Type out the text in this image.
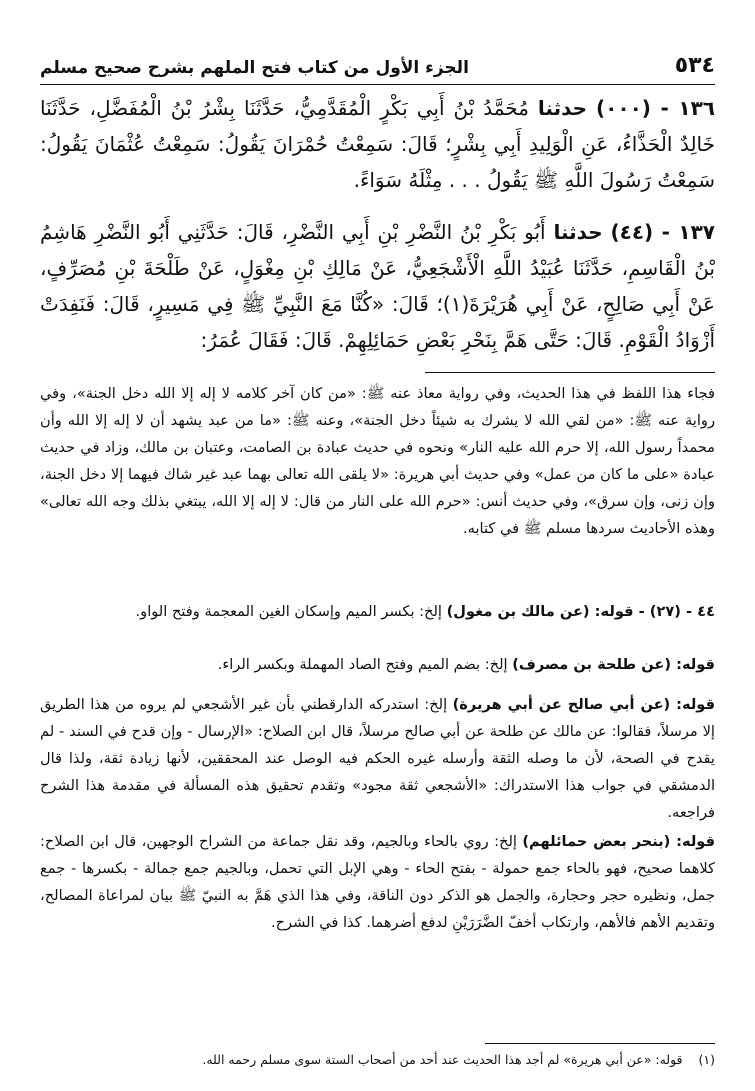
٥٣٤
الجزء الأول من كتاب فتح الملهم بشرح صحيح مسلم
١٣٦ - (٠٠٠) حدثنا مُحَمَّدُ بْنُ أَبِي بَكْرٍ الْمُقَدَّمِيُّ، حَدَّثَنَا بِشْرُ بْنُ الْمُفَضَّلِ، حَدَّثَنَا خَالِدٌ الْحَذَّاءُ، عَنِ الْوَلِيدِ أَبِي بِشْرٍ؛ قَالَ: سَمِعْتُ حُمْرَانَ يَقُولُ: سَمِعْتُ عُثْمَانَ يَقُولُ: سَمِعْتُ رَسُولَ اللَّهِ ﷺ يَقُولُ . . . مِثْلَهُ سَوَاءً.
١٣٧ - (٤٤) حدثنا أَبُو بَكْرِ بْنُ النَّضْرِ بْنِ أَبِي النَّضْرِ، قَالَ: حَدَّثَنِي أَبُو النَّضْرِ هَاشِمُ بْنُ الْقَاسِمِ، حَدَّثَنَا عُبَيْدُ اللَّهِ الْأَشْجَعِيُّ، عَنْ مَالِكِ بْنِ مِغْوَلٍ، عَنْ طَلْحَةَ بْنِ مُصَرِّفٍ، عَنْ أَبِي صَالِحٍ، عَنْ أَبِي هُرَيْرَةَ(١)؛ قَالَ: «كُنَّا مَعَ النَّبِيِّ ﷺ فِي مَسِيرٍ، قَالَ: فَنَفِدَتْ أَزْوَادُ الْقَوْمِ. قَالَ: حَتَّى هَمَّ بِنَحْرِ بَعْضِ حَمَائِلِهِمْ. قَالَ: فَقَالَ عُمَرُ:
فجاء هذا اللفظ في هذا الحديث، وفي رواية معاذ عنه ﷺ: «من كان آخر كلامه لا إله إلا الله دخل الجنة»، وفي رواية عنه ﷺ: «من لقي الله لا يشرك به شيئاً دخل الجنة»، وعنه ﷺ: «ما من عبد يشهد أن لا إله إلا الله وأن محمداً رسول الله، إلا حرم الله عليه النار» ونحوه في حديث عبادة بن الصامت، وعتبان بن مالك، وزاد في حديث عبادة «على ما كان من عمل» وفي حديث أبي هريرة: «لا يلقى الله تعالى بهما عبد غير شاك فيهما إلا دخل الجنة، وإن زنى، وإن سرق»، وفي حديث أنس: «حرم الله على النار من قال: لا إله إلا الله، يبتغي بذلك وجه الله تعالى» وهذه الأحاديث سردها مسلم ﷺ في كتابه.
٤٤ - (٢٧) - قوله: (عن مالك بن مغول) إلخ: بكسر الميم وإسكان الغين المعجمة وفتح الواو.
قوله: (عن طلحة بن مصرف) إلخ: بضم الميم وفتح الصاد المهملة وبكسر الراء.
قوله: (عن أبي صالح عن أبي هريرة) إلخ: استدركه الدارقطني بأن غير الأشجعي لم يروه من هذا الطريق إلا مرسلاً، فقالوا: عن مالك عن طلحة عن أبي صالح مرسلاً، قال ابن الصلاح: «الإرسال - وإن قدح في السند - لم يقدح في الصحة، لأن ما وصله الثقة وأرسله غيره الحكم فيه الوصل عند المحققين، لأنها زيادة ثقة، ولذا قال الدمشقي في جواب هذا الاستدراك: «الأشجعي ثقة مجود» وتقدم تحقيق هذه المسألة في مقدمة هذا الشرح فراجعه.
قوله: (بنحر بعض حمائلهم) إلخ: روي بالحاء وبالجيم، وقد نقل جماعة من الشراح الوجهين، قال ابن الصلاح: كلاهما صحيح، فهو بالحاء جمع حمولة - بفتح الحاء - وهي الإبل التي تحمل، وبالجيم جمع جمالة - بكسرها - جمع جمل، ونظيره حجر وحجارة، والجمل هو الذكر دون الناقة، وفي هذا الذي هَمَّ به النبيّ ﷺ بيان لمراعاة المصالح، وتقديم الأهم فالأهم، وارتكاب أخفّ الضَّرَرَيْنِ لدفع أضرهما. كذا في الشرح.
(١) قوله: «عن أبي هريرة» لم أجد هذا الحديث عند أحد من أصحاب الستة سوى مسلم رحمه الله.
